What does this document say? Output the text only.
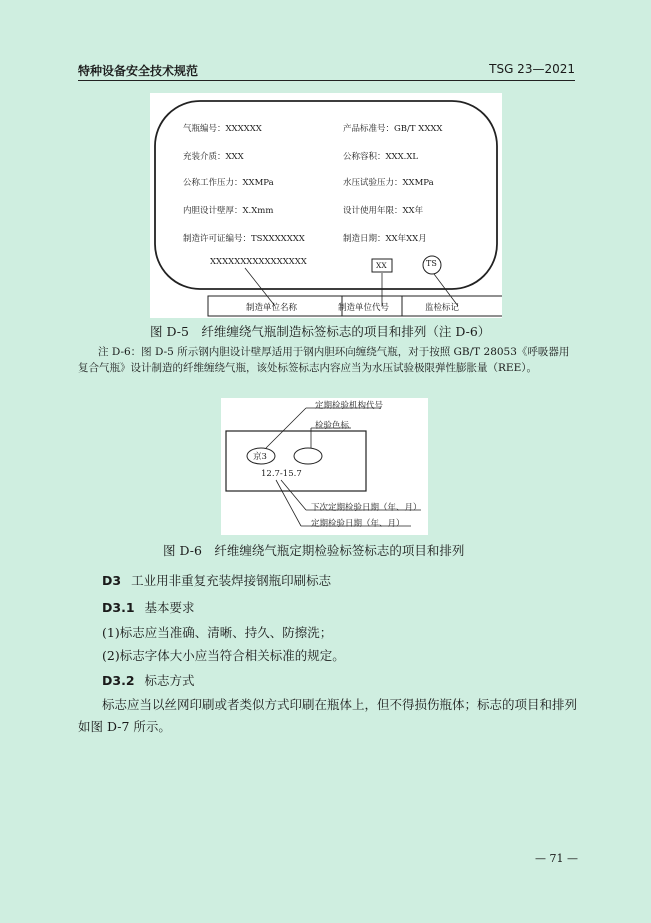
特种设备安全技术规范	TSG 23—2021
气瓶编号：XXXXXX	产品标准号：GB/T XXXX
充装介质：XXX	公称容积：XXX.XL
公称工作压力：XXMPa	水压试验压力：XXMPa
内胆设计壁厚：X.Xmm	设计使用年限：XX年
制造许可证编号：TSXXXXXXX	制造日期：XX年XX月
XXXXXXXXXXXXXXXX	XX	TS
制造单位名称	制造单位代号	监检标记
图 D-5　纤维缠绕气瓶制造标签标志的项目和排列（注 D-6）
注 D-6：图 D-5 所示钢内胆设计壁厚适用于钢内胆环向缠绕气瓶，对于按照 GB/T 28053《呼吸器用复合气瓶》设计制造的纤维缠绕气瓶，该处标签标志内容应当为水压试验极限弹性膨胀量（REE）。
定期检验机构代号
检验色标
京3
12.7-15.7
下次定期检验日期（年、月）
定期检验日期（年、月）
图 D-6　纤维缠绕气瓶定期检验标签标志的项目和排列
D3 工业用非重复充装焊接钢瓶印刷标志
D3.1 基本要求
(1)标志应当准确、清晰、持久、防擦洗；
(2)标志字体大小应当符合相关标准的规定。
D3.2 标志方式
标志应当以丝网印刷或者类似方式印刷在瓶体上，但不得损伤瓶体；标志的项目和排列如图 D-7 所示。
— 71 —
